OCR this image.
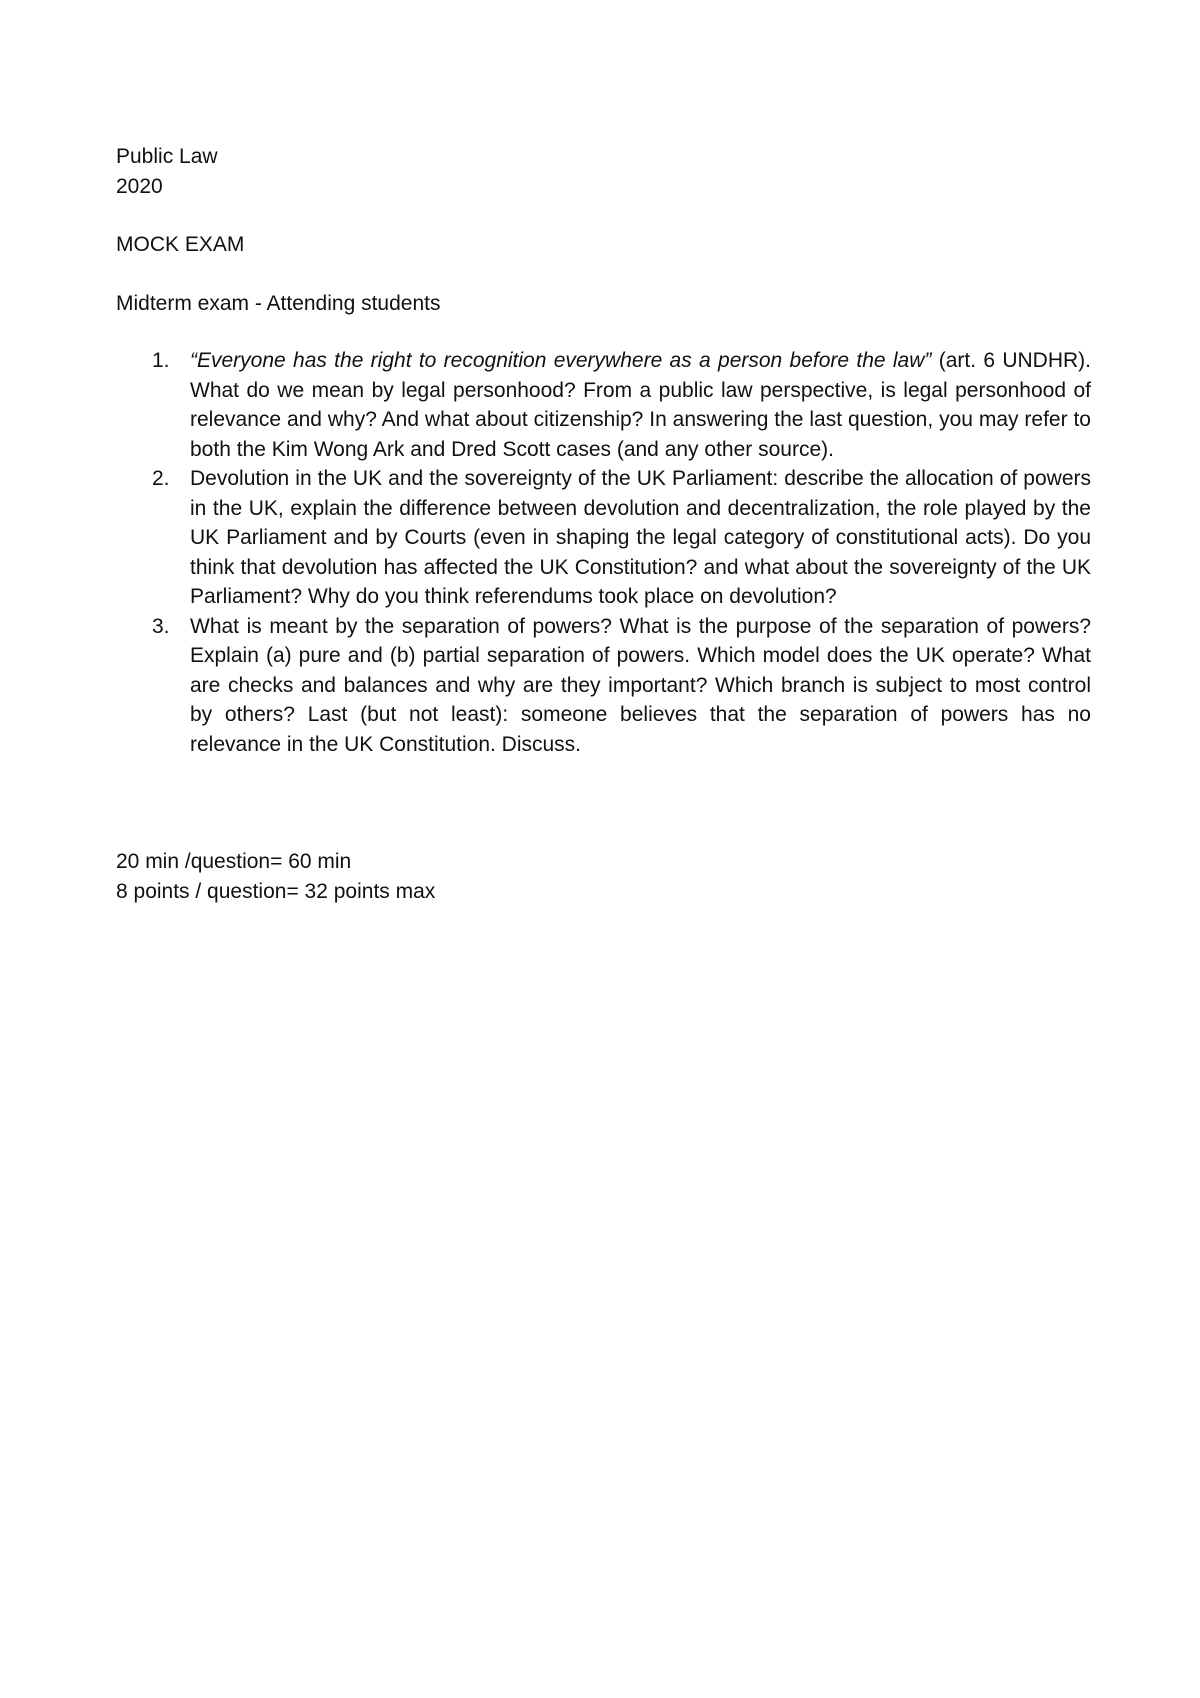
Public Law
2020
MOCK EXAM
Midterm exam - Attending students
1. “Everyone has the right to recognition everywhere as a person before the law” (art. 6 UNDHR). What do we mean by legal personhood? From a public law perspective, is legal personhood of relevance and why? And what about citizenship? In answering the last question, you may refer to both the Kim Wong Ark and Dred Scott cases (and any other source).
2. Devolution in the UK and the sovereignty of the UK Parliament: describe the allocation of powers in the UK, explain the difference between devolution and decentralization, the role played by the UK Parliament and by Courts (even in shaping the legal category of constitutional acts). Do you think that devolution has affected the UK Constitution? and what about the sovereignty of the UK Parliament? Why do you think referendums took place on devolution?
3. What is meant by the separation of powers? What is the purpose of the separation of powers? Explain (a) pure and (b) partial separation of powers. Which model does the UK operate? What are checks and balances and why are they important? Which branch is subject to most control by others? Last (but not least): someone believes that the separation of powers has no relevance in the UK Constitution. Discuss.
20 min /question= 60 min
8 points / question= 32 points max
